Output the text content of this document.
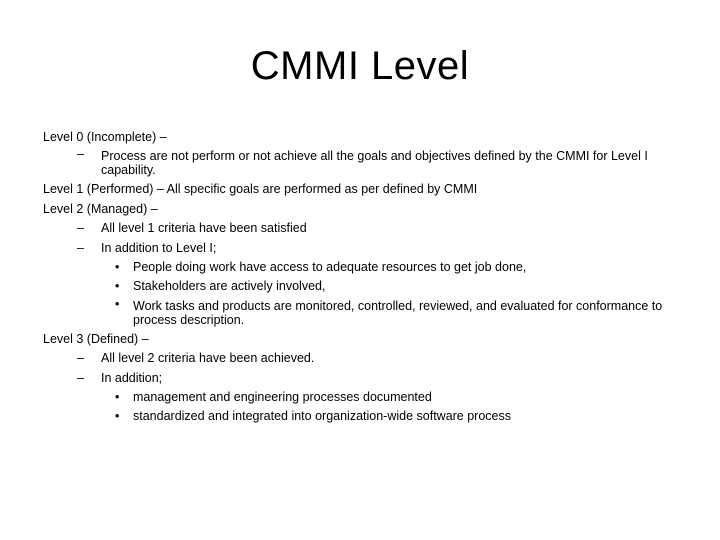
CMMI Level
Level 0 (Incomplete) –
– Process are not perform or not achieve all the goals and objectives defined by the CMMI for Level I capability.
Level 1 (Performed) – All specific goals are performed as per defined by CMMI
Level 2 (Managed) –
– All level 1 criteria have been satisfied
– In addition to Level I;
• People doing work have access to adequate resources to get job done,
• Stakeholders are actively involved,
• Work tasks and products are monitored, controlled, reviewed, and evaluated for conformance to process description.
Level 3 (Defined) –
– All level 2 criteria have been achieved.
– In addition;
• management and engineering processes documented
• standardized and integrated into organization-wide software process
